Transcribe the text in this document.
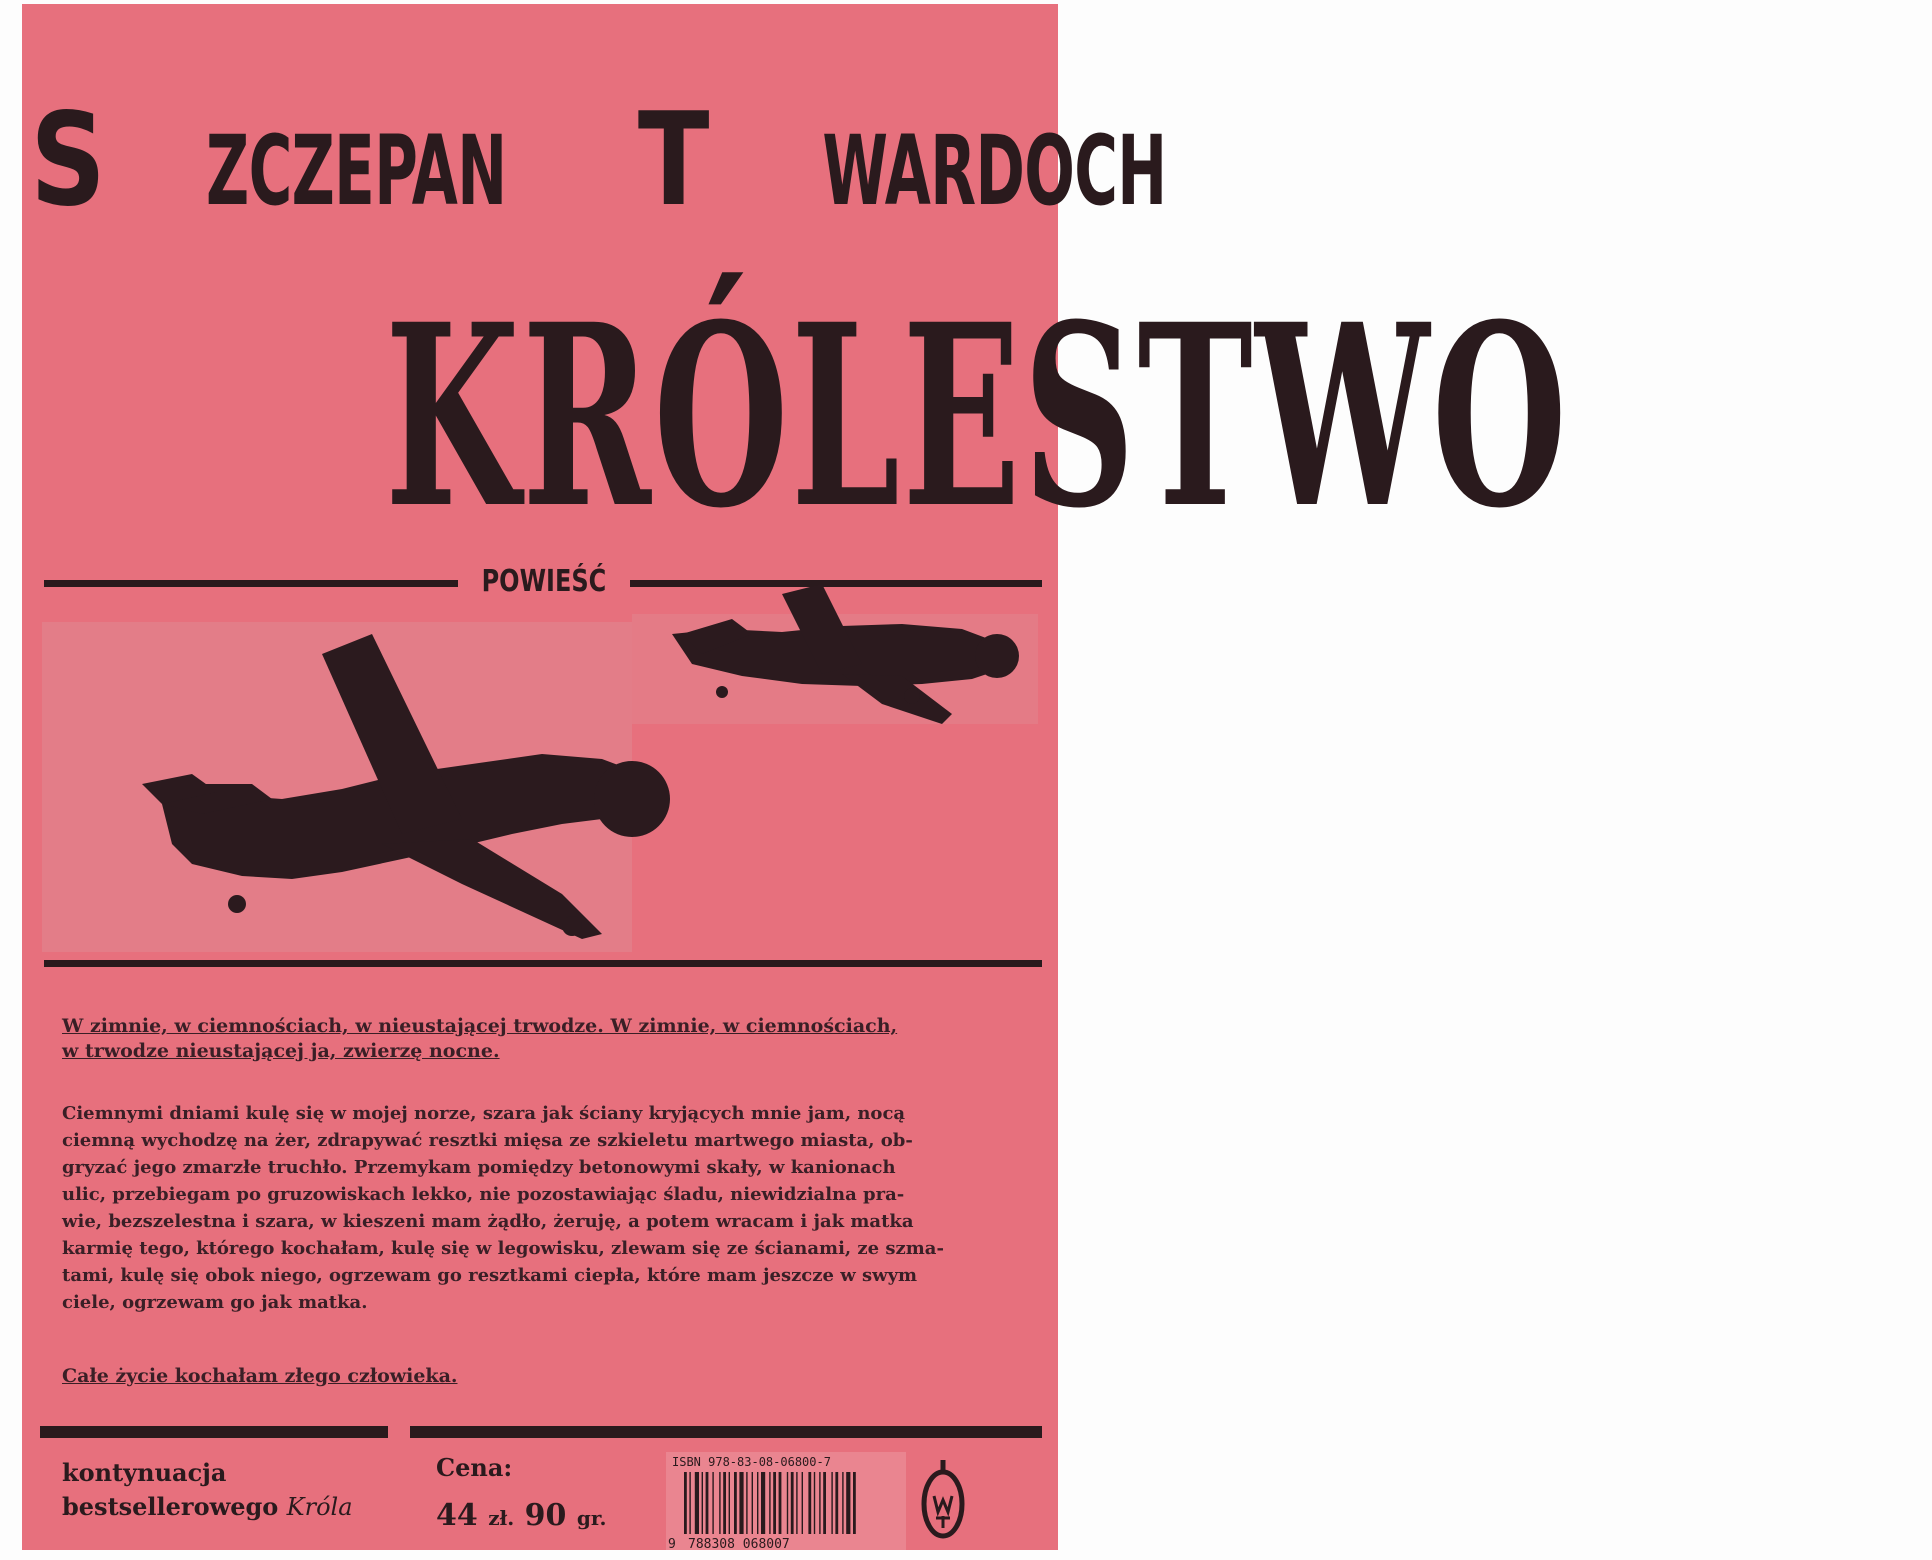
S ZCZEPAN T WARDOCH
KRÓLESTWO
POWIEŚĆ
W zimnie, w ciemnościach, w nieustającej trwodze. W zimnie, w ciemnościach,
w trwodze nieustającej ja, zwierzę nocne.
Ciemnymi dniami kulę się w mojej norze, szara jak ściany kryjących mnie jam, nocą
ciemną wychodzę na żer, zdrapywać resztki mięsa ze szkieletu martwego miasta, ob-
gryzać jego zmarzłe truchło. Przemykam pomiędzy betonowymi skały, w kanionach
ulic, przebiegam po gruzowiskach lekko, nie pozostawiając śladu, niewidzialna pra-
wie, bezszelestna i szara, w kieszeni mam żądło, żeruję, a potem wracam i jak matka
karmię tego, którego kochałam, kulę się w legowisku, zlewam się ze ścianami, ze szma-
tami, kulę się obok niego, ogrzewam go resztkami ciepła, które mam jeszcze w swym
ciele, ogrzewam go jak matka.
Całe życie kochałam złego człowieka.
kontynuacja
bestsellerowego Króla
Cena:
44 zł. 90 gr.
ISBN 978-83-08-06800-7
9 788308 068007
